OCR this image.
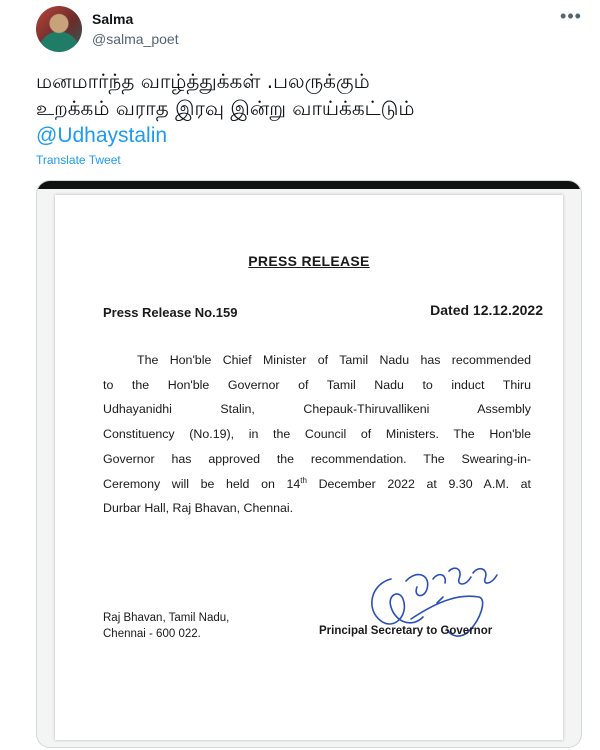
Salma
@salma_poet
•••
மனமார்ந்த வாழ்த்துக்கள் .பலருக்கும்
உறக்கம் வராத இரவு இன்று வாய்க்கட்டும்
@Udhaystalin
Translate Tweet
PRESS RELEASE
Press Release No.159	Dated 12.12.2022
The Hon'ble Chief Minister of Tamil Nadu has recommended
to the Hon'ble Governor of Tamil Nadu to induct Thiru
Udhayanidhi Stalin, Chepauk-Thiruvallikeni Assembly
Constituency (No.19), in the Council of Ministers. The Hon'ble
Governor has approved the recommendation. The Swearing-in-
Ceremony will be held on 14th December 2022 at 9.30 A.M. at
Durbar Hall, Raj Bhavan, Chennai.
Raj Bhavan, Tamil Nadu,
Chennai - 600 022.	Principal Secretary to Governor
